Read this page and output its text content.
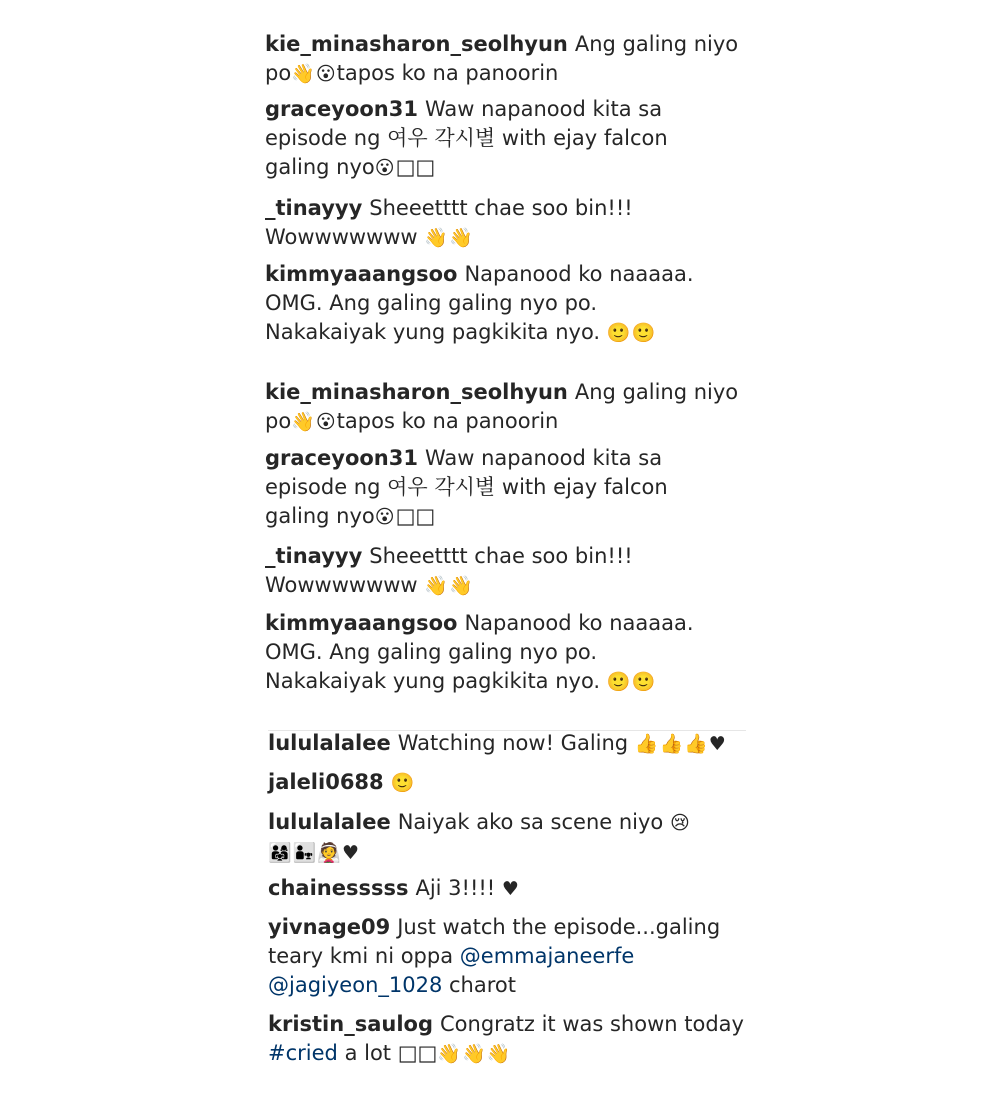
kie_minasharon_seolhyun Ang galing niyo
po👋😮tapos ko na panoorin
graceyoon31 Waw napanood kita sa
episode ng 여우 각시별 with ejay falcon
galing nyo😮□□
_tinayyy Sheeetttt chae soo bin!!!
Wowwwwwww 👋👋
kimmyaaangsoo Napanood ko naaaaa.
OMG. Ang galing galing nyo po.
Nakakaiyak yung pagkikita nyo. 🙂🙂
kie_minasharon_seolhyun Ang galing niyo
po👋😮tapos ko na panoorin
graceyoon31 Waw napanood kita sa
episode ng 여우 각시별 with ejay falcon
galing nyo😮□□
_tinayyy Sheeetttt chae soo bin!!!
Wowwwwwww 👋👋
kimmyaaangsoo Napanood ko naaaaa.
OMG. Ang galing galing nyo po.
Nakakaiyak yung pagkikita nyo. 🙂🙂
lululalalee Watching now! Galing 👍👍👍♥
jaleli0688 🙂
lululalalee Naiyak ako sa scene niyo 😢
👨‍👩‍👧👨‍👧👰♥
chainesssss Aji 3!!!! ♥
yivnage09 Just watch the episode...galing
teary kmi ni oppa @emmajaneerfe
@jagiyeon_1028 charot
kristin_saulog Congratz it was shown today
#cried a lot □□👋👋👋
